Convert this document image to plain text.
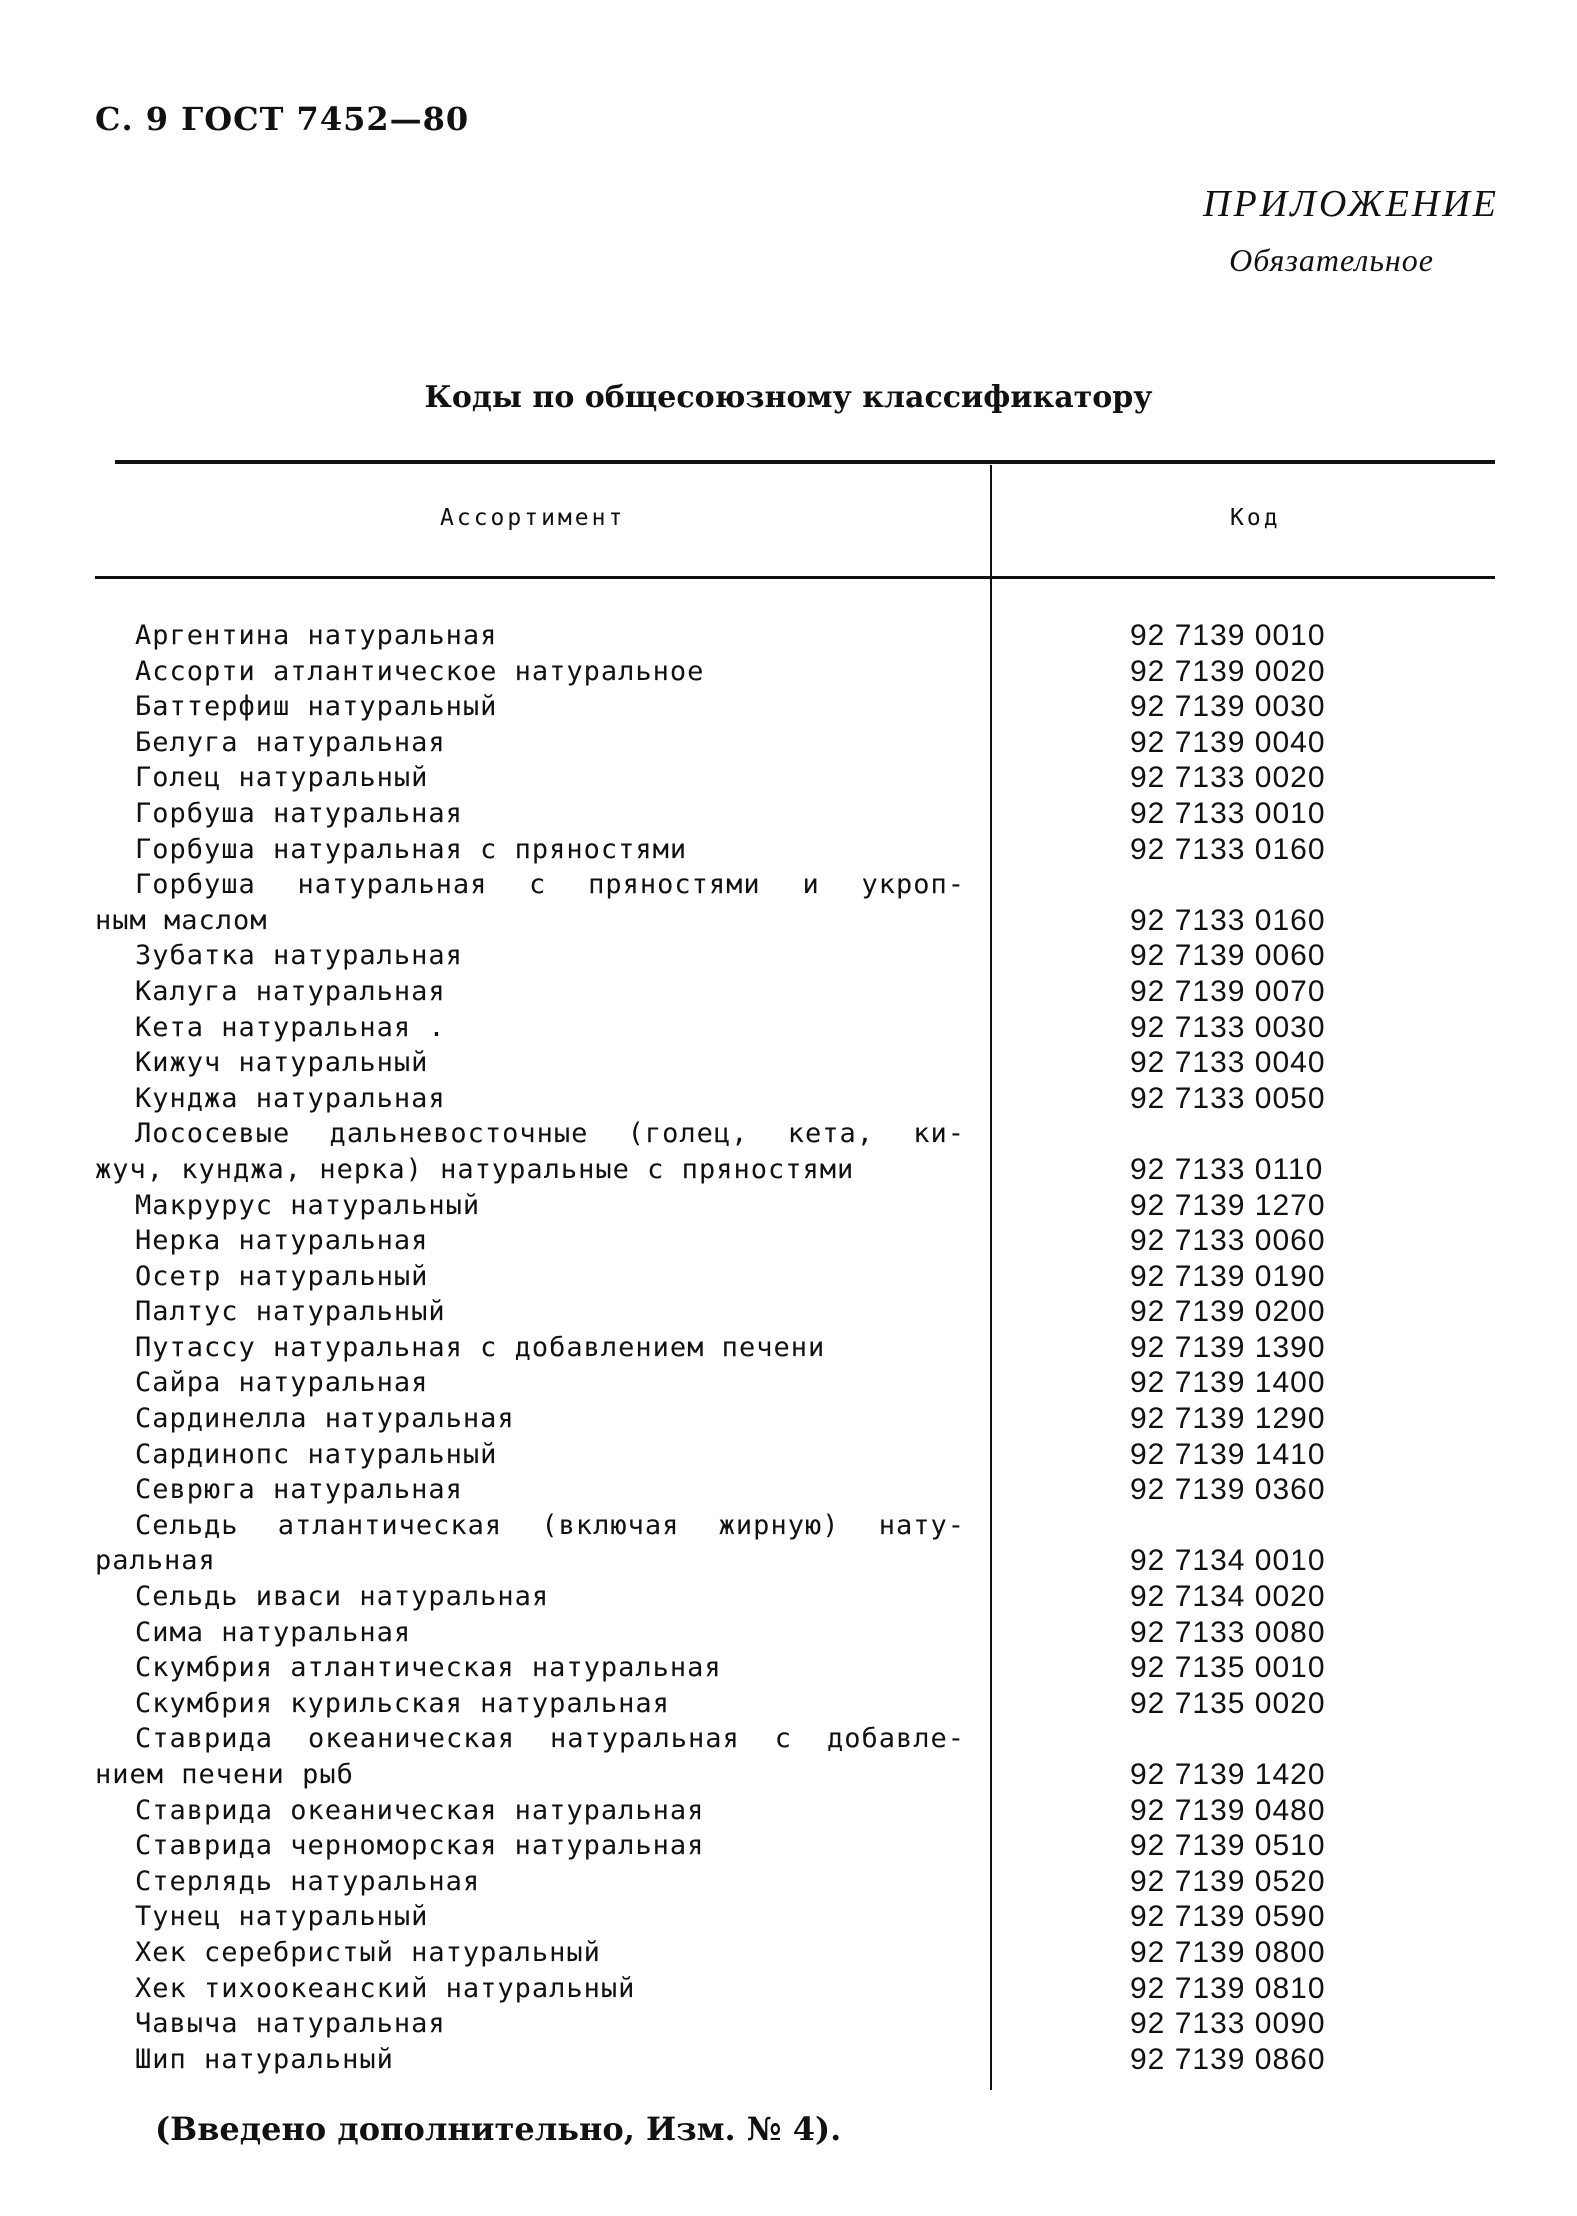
С. 9 ГОСТ 7452—80
ПРИЛОЖЕНИЕ
Обязательное
Коды по общесоюзному классификатору
Ассортимент	Код
Аргентина натуральная	92 7139 0010
Ассорти атлантическое натуральное	92 7139 0020
Баттерфиш натуральный	92 7139 0030
Белуга натуральная	92 7139 0040
Голец натуральный	92 7133 0020
Горбуша натуральная	92 7133 0010
Горбуша натуральная с пряностями	92 7133 0160
Горбуша натуральная с пряностями и укроп-
ным маслом	92 7133 0160
Зубатка натуральная	92 7139 0060
Калуга натуральная	92 7139 0070
Кета натуральная .	92 7133 0030
Кижуч натуральный	92 7133 0040
Кунджа натуральная	92 7133 0050
Лососевые дальневосточные (голец, кета, ки-
жуч, кунджа, нерка) натуральные с пряностями	92 7133 0110
Макрурус натуральный	92 7139 1270
Нерка натуральная	92 7133 0060
Осетр натуральный	92 7139 0190
Палтус натуральный	92 7139 0200
Путассу натуральная с добавлением печени	92 7139 1390
Сайра натуральная	92 7139 1400
Сардинелла натуральная	92 7139 1290
Сардинопс натуральный	92 7139 1410
Севрюга натуральная	92 7139 0360
Сельдь атлантическая (включая жирную) нату-
ральная	92 7134 0010
Сельдь иваси натуральная	92 7134 0020
Сима натуральная	92 7133 0080
Скумбрия атлантическая натуральная	92 7135 0010
Скумбрия курильская натуральная	92 7135 0020
Ставрида океаническая натуральная с добавле-
нием печени рыб	92 7139 1420
Ставрида океаническая натуральная	92 7139 0480
Ставрида черноморская натуральная	92 7139 0510
Стерлядь натуральная	92 7139 0520
Тунец натуральный	92 7139 0590
Хек серебристый натуральный	92 7139 0800
Хек тихоокеанский натуральный	92 7139 0810
Чавыча натуральная	92 7133 0090
Шип натуральный	92 7139 0860
(Введено дополнительно, Изм. № 4).
